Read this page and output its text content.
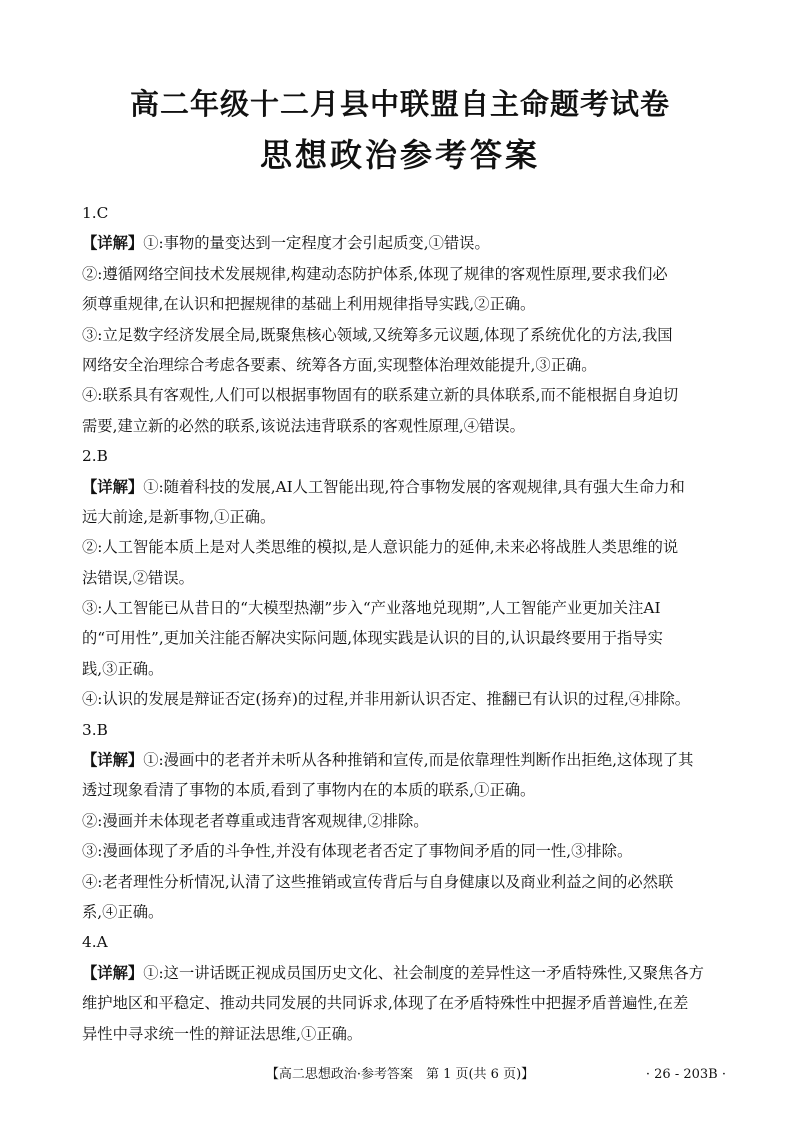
高二年级十二月县中联盟自主命题考试卷
思想政治参考答案
1.C
【详解】①:事物的量变达到一定程度才会引起质变,①错误。
②:遵循网络空间技术发展规律,构建动态防护体系,体现了规律的客观性原理,要求我们必
须尊重规律,在认识和把握规律的基础上利用规律指导实践,②正确。
③:立足数字经济发展全局,既聚焦核心领域,又统筹多元议题,体现了系统优化的方法,我国
网络安全治理综合考虑各要素、统筹各方面,实现整体治理效能提升,③正确。
④:联系具有客观性,人们可以根据事物固有的联系建立新的具体联系,而不能根据自身迫切
需要,建立新的必然的联系,该说法违背联系的客观性原理,④错误。
2.B
【详解】①:随着科技的发展,AI人工智能出现,符合事物发展的客观规律,具有强大生命力和
远大前途,是新事物,①正确。
②:人工智能本质上是对人类思维的模拟,是人意识能力的延伸,未来必将战胜人类思维的说
法错误,②错误。
③:人工智能已从昔日的“大模型热潮”步入“产业落地兑现期”,人工智能产业更加关注AI
的“可用性”,更加关注能否解决实际问题,体现实践是认识的目的,认识最终要用于指导实
践,③正确。
④:认识的发展是辩证否定(扬弃)的过程,并非用新认识否定、推翻已有认识的过程,④排除。
3.B
【详解】①:漫画中的老者并未听从各种推销和宣传,而是依靠理性判断作出拒绝,这体现了其
透过现象看清了事物的本质,看到了事物内在的本质的联系,①正确。
②:漫画并未体现老者尊重或违背客观规律,②排除。
③:漫画体现了矛盾的斗争性,并没有体现老者否定了事物间矛盾的同一性,③排除。
④:老者理性分析情况,认清了这些推销或宣传背后与自身健康以及商业利益之间的必然联
系,④正确。
4.A
【详解】①:这一讲话既正视成员国历史文化、社会制度的差异性这一矛盾特殊性,又聚焦各方
维护地区和平稳定、推动共同发展的共同诉求,体现了在矛盾特殊性中把握矛盾普遍性,在差
异性中寻求统一性的辩证法思维,①正确。
【高二思想政治·参考答案　第 1 页(共 6 页)】	· 26 - 203B ·
